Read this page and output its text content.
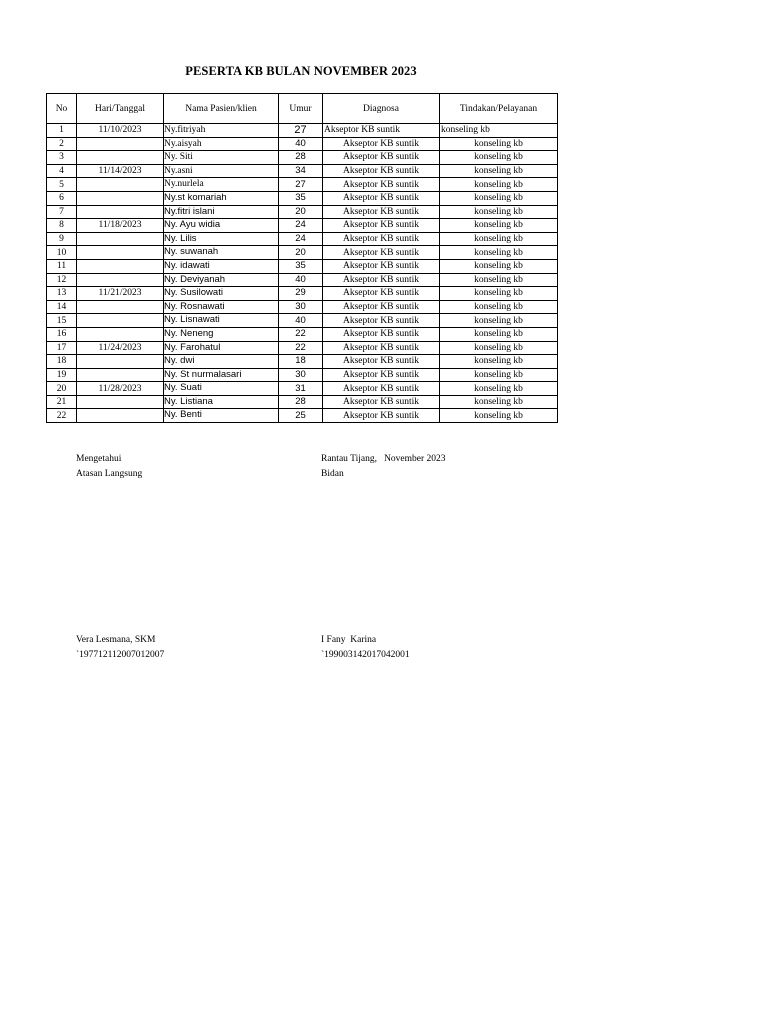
PESERTA KB BULAN NOVEMBER 2023
No	Hari/Tanggal	Nama Pasien/klien	Umur	Diagnosa	Tindakan/Pelayanan
1	11/10/2023	Ny.fitriyah	27	Akseptor KB suntik	konseling kb
2		Ny.aisyah	40	Akseptor KB suntik	konseling kb
3		Ny. Siti	28	Akseptor KB suntik	konseling kb
4	11/14/2023	Ny.asni	34	Akseptor KB suntik	konseling kb
5		Ny.nurlela	27	Akseptor KB suntik	konseling kb
6		Ny.st komariah	35	Akseptor KB suntik	konseling kb
7		Ny.fitri islani	20	Akseptor KB suntik	konseling kb
8	11/18/2023	Ny. Ayu widia	24	Akseptor KB suntik	konseling kb
9		Ny. Lilis	24	Akseptor KB suntik	konseling kb
10		Ny. suwanah	20	Akseptor KB suntik	konseling kb
11		Ny. idawati	35	Akseptor KB suntik	konseling kb
12		Ny. Deviyanah	40	Akseptor KB suntik	konseling kb
13	11/21/2023	Ny. Susilowati	29	Akseptor KB suntik	konseling kb
14		Ny. Rosnawati	30	Akseptor KB suntik	konseling kb
15		Ny. Lisnawati	40	Akseptor KB suntik	konseling kb
16		Ny. Neneng	22	Akseptor KB suntik	konseling kb
17	11/24/2023	Ny. Farohatul	22	Akseptor KB suntik	konseling kb
18		Ny. dwi	18	Akseptor KB suntik	konseling kb
19		Ny. St nurmalasari	30	Akseptor KB suntik	konseling kb
20	11/28/2023	Ny. Suati	31	Akseptor KB suntik	konseling kb
21		Ny. Listiana	28	Akseptor KB suntik	konseling kb
22		Ny. Benti	25	Akseptor KB suntik	konseling kb
Mengetahui
Atasan Langsung
Rantau Tijang,   November 2023
Bidan
Vera Lesmana, SKM
`197712112007012007
I Fany  Karina
`199003142017042001
